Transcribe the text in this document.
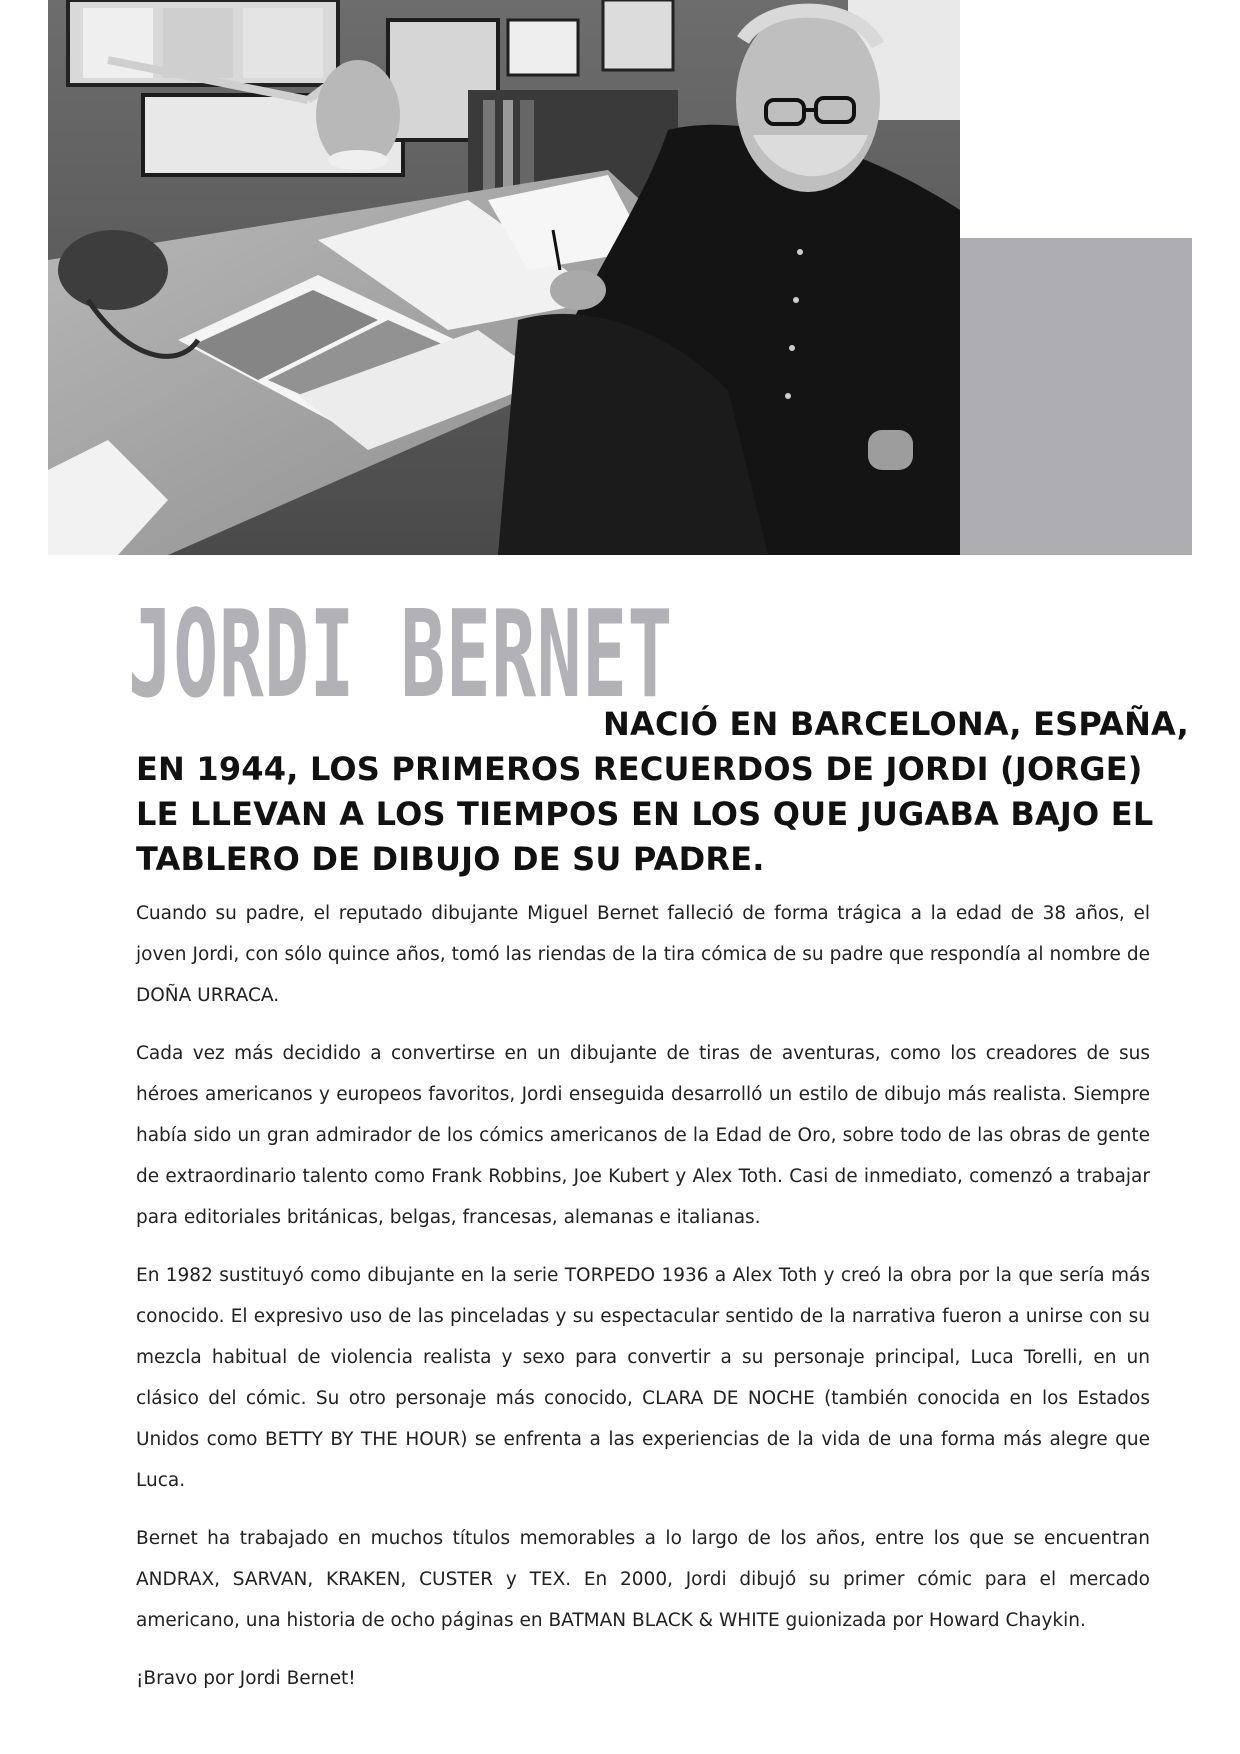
JORDI BERNET
NACIÓ EN BARCELONA, ESPAÑA,
EN 1944, LOS PRIMEROS RECUERDOS DE JORDI (JORGE)
LE LLEVAN A LOS TIEMPOS EN LOS QUE JUGABA BAJO EL
TABLERO DE DIBUJO DE SU PADRE.

Cuando su padre, el reputado dibujante Miguel Bernet falleció de forma trágica a la edad de 38 años, el joven Jordi, con sólo quince años, tomó las riendas de la tira cómica de su padre que respondía al nombre de DOÑA URRACA.

Cada vez más decidido a convertirse en un dibujante de tiras de aventuras, como los creadores de sus héroes americanos y europeos favoritos, Jordi enseguida desarrolló un estilo de dibujo más realista. Siempre había sido un gran admirador de los cómics americanos de la Edad de Oro, sobre todo de las obras de gente de extraordinario talento como Frank Robbins, Joe Kubert y Alex Toth. Casi de inmediato, comenzó a trabajar para editoriales británicas, belgas, francesas, alemanas e italianas.

En 1982 sustituyó como dibujante en la serie TORPEDO 1936 a Alex Toth y creó la obra por la que sería más conocido. El expresivo uso de las pinceladas y su espectacular sentido de la narrativa fueron a unirse con su mezcla habitual de violencia realista y sexo para convertir a su personaje principal, Luca Torelli, en un clásico del cómic. Su otro personaje más conocido, CLARA DE NOCHE (también conocida en los Estados Unidos como BETTY BY THE HOUR) se enfrenta a las experiencias de la vida de una forma más alegre que Luca.

Bernet ha trabajado en muchos títulos memorables a lo largo de los años, entre los que se encuentran ANDRAX, SARVAN, KRAKEN, CUSTER y TEX. En 2000, Jordi dibujó su primer cómic para el mercado americano, una historia de ocho páginas en BATMAN BLACK & WHITE guionizada por Howard Chaykin.

¡Bravo por Jordi Bernet!
